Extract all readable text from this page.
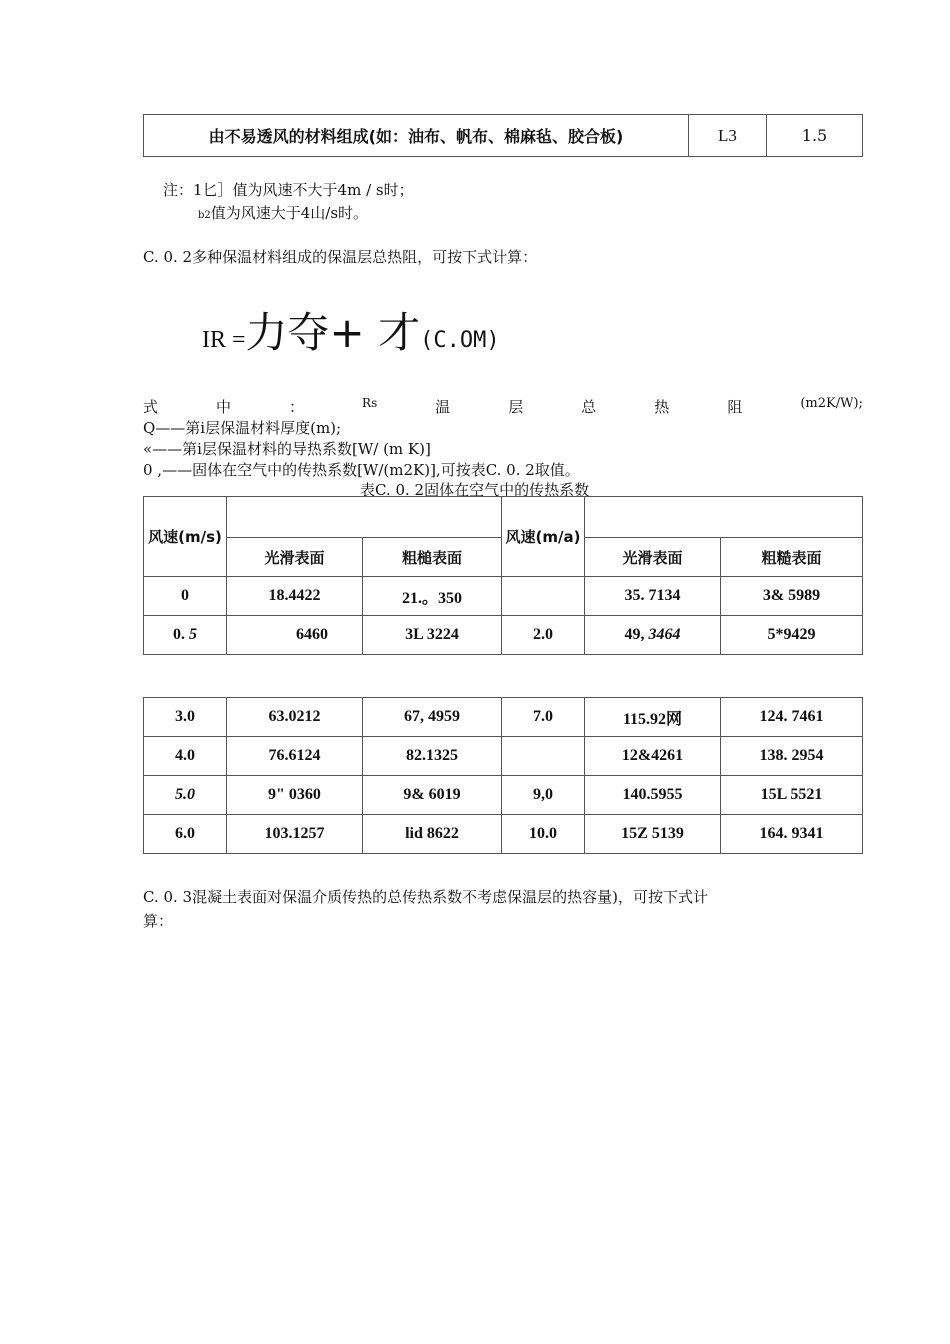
由不易透风的材料组成(如：油布、帆布、棉麻毡、胶合板)	L3	1.5
注：1匕］值为风速不大于4m / s时；
b2值为风速大于4山/s时。
C. 0. 2多种保温材料组成的保温层总热阻，可按下式计算：
IR =力夺+ 才(C.OM)
式	中	：	Rs	温	层	总	热	阻	(m2K/W);
Q——第i层保温材料厚度(m);
«——第i层保温材料的导热系数[W/ (m K)]
0 ,——固体在空气中的传热系数[W/(m2K)],可按表C. 0. 2取值。
表C. 0. 2固体在空气中的传热系数
风速(m/s)			风速(m/a)		
	光滑表面	粗槌表面		光滑表面	粗糙表面
0	18.4422	21.。350		35. 7134	3& 5989
0. 5	6460	3L 3224	2.0	49, 3464	5*9429
3.0	63.0212	67, 4959	7.0	115.92网	124. 7461
4.0	76.6124	82.1325		12&4261	138. 2954
5.0	9" 0360	9& 6019	9,0	140.5955	15L 5521
6.0	103.1257	lid 8622	10.0	15Z 5139	164. 9341
C. 0. 3混凝土表面对保温介质传热的总传热系数不考虑保温层的热容量)，可按下式计
算：
